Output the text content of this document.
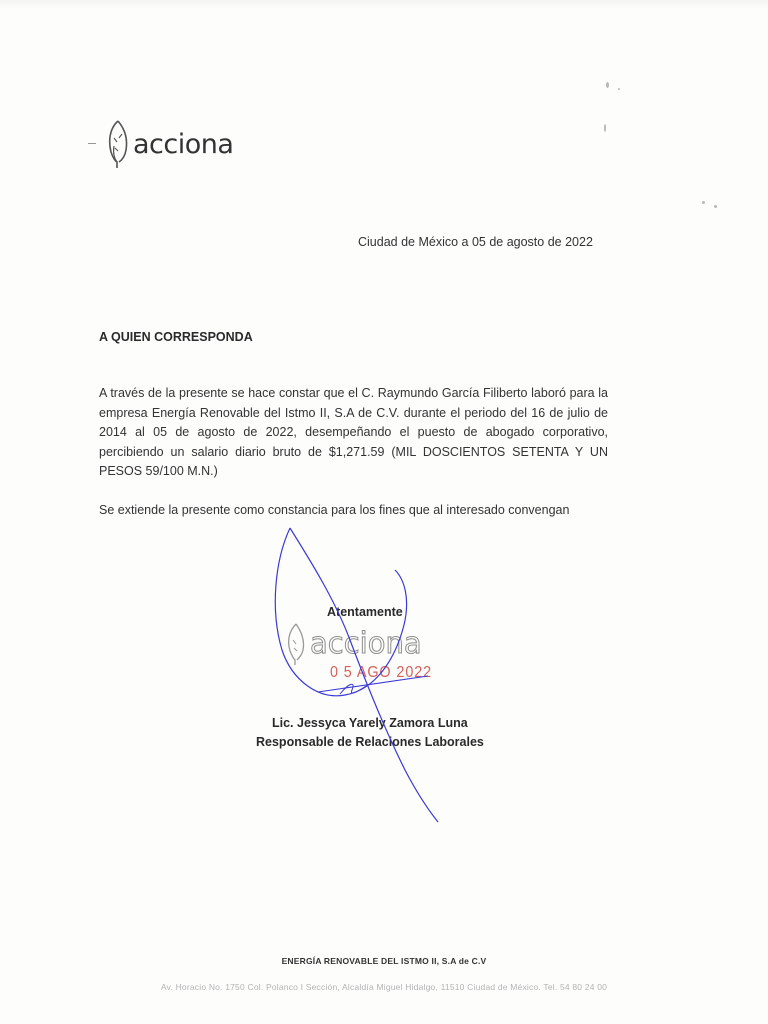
acciona
Ciudad de México a 05 de agosto de 2022
A QUIEN CORRESPONDA
A través de la presente se hace constar que el C. Raymundo García Filiberto laboró para la empresa Energía Renovable del Istmo II, S.A de C.V. durante el periodo del 16 de julio de 2014 al 05 de agosto de 2022, desempeñando el puesto de abogado corporativo, percibiendo un salario diario bruto de $1,271.59 (MIL DOSCIENTOS SETENTA Y UN PESOS 59/100 M.N.)
Se extiende la presente como constancia para los fines que al interesado convengan
acciona
0 5 AGO 2022
Atentamente
Lic. Jessyca Yarely Zamora Luna
Responsable de Relaciones Laborales
ENERGÍA RENOVABLE DEL ISTMO II, S.A de C.V
Av. Horacio No. 1750 Col. Polanco I Sección, Alcaldía Miguel Hidalgo, 11510 Ciudad de México. Tel. 54 80 24 00
